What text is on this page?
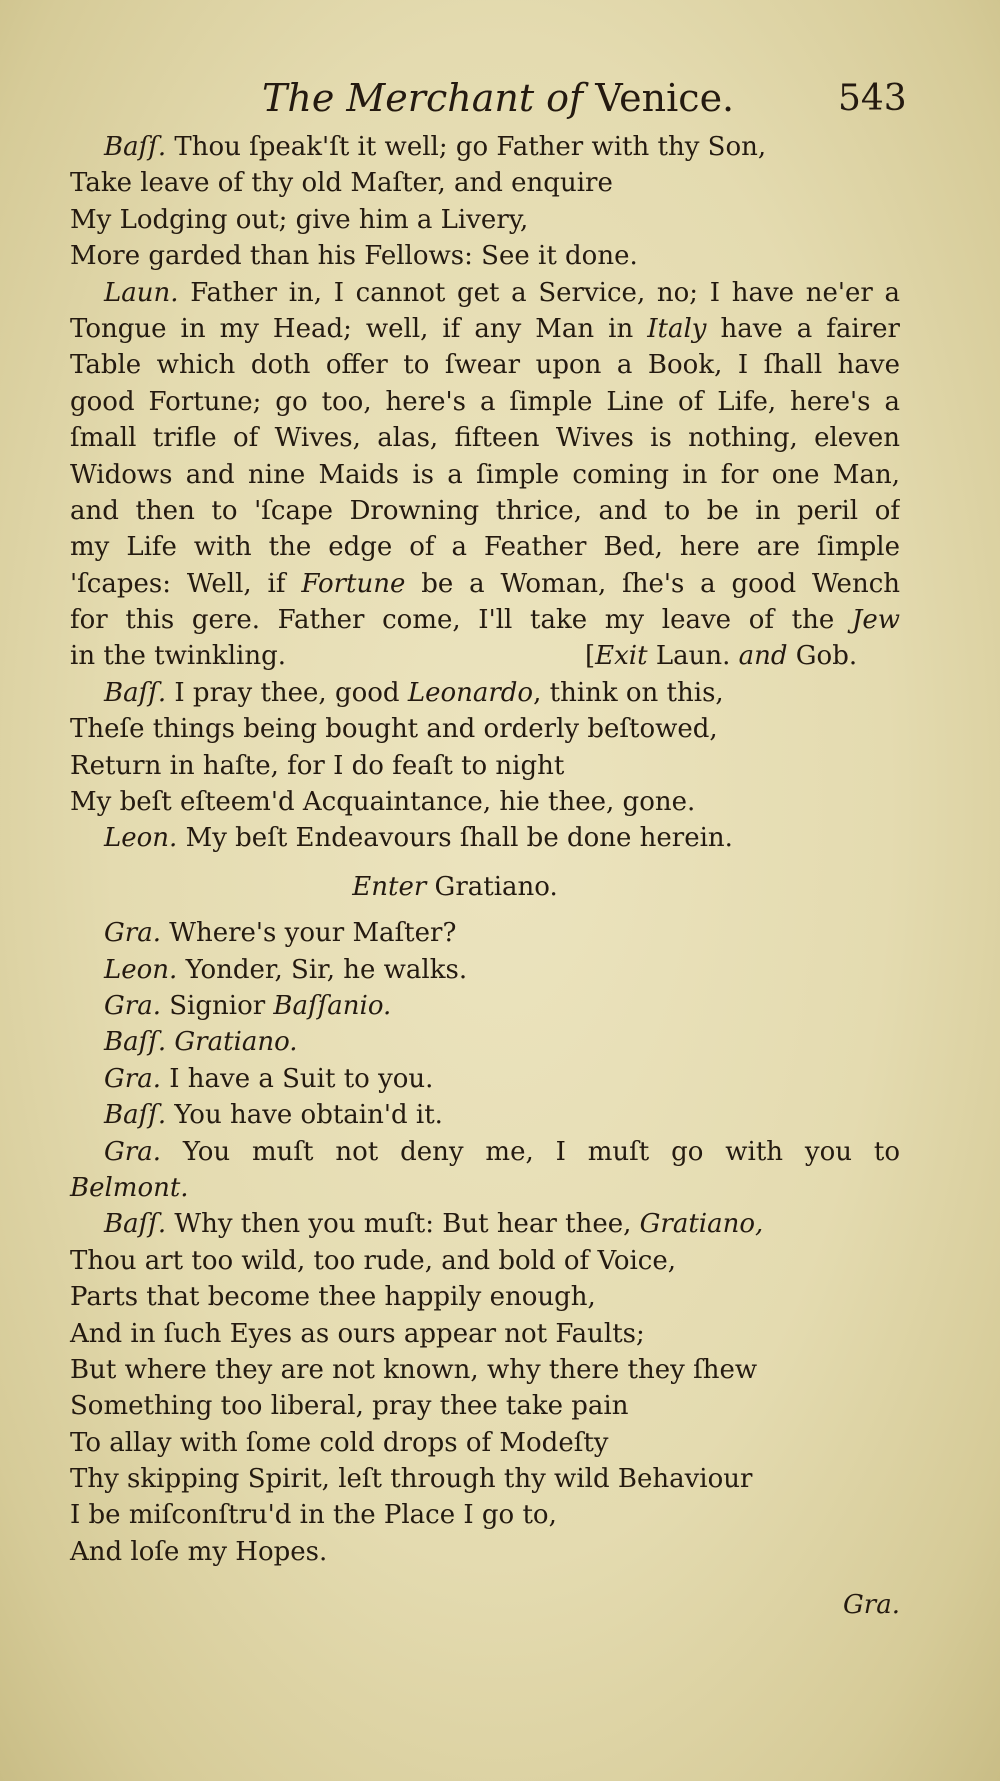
The Merchant of Venice.	543
Baſſ. Thou ſpeak'ſt it well; go Father with thy Son,
Take leave of thy old Maſter, and enquire
My Lodging out; give him a Livery,
More garded than his Fellows: See it done.
Laun. Father in, I cannot get a Service, no; I have ne'er a
Tongue in my Head; well, if any Man in Italy have a fairer
Table which doth offer to ſwear upon a Book, I ſhall have
good Fortune; go too, here's a ſimple Line of Life, here's a
ſmall trifle of Wives, alas, fifteen Wives is nothing, eleven
Widows and nine Maids is a ſimple coming in for one Man,
and then to 'ſcape Drowning thrice, and to be in peril of
my Life with the edge of a Feather Bed, here are ſimple
'ſcapes: Well, if Fortune be a Woman, ſhe's a good Wench
for this gere. Father come, I'll take my leave of the Jew
in the twinkling.	[Exit Laun. and Gob.
Baſſ. I pray thee, good Leonardo, think on this,
Theſe things being bought and orderly beſtowed,
Return in haſte, for I do feaſt to night
My beſt eſteem'd Acquaintance, hie thee, gone.
Leon. My beſt Endeavours ſhall be done herein.
Enter Gratiano.
Gra. Where's your Maſter?
Leon. Yonder, Sir, he walks.
Gra. Signior Baſſanio.
Baſſ. Gratiano.
Gra. I have a Suit to you.
Baſſ. You have obtain'd it.
Gra. You muſt not deny me, I muſt go with you to
Belmont.
Baſſ. Why then you muſt: But hear thee, Gratiano,
Thou art too wild, too rude, and bold of Voice,
Parts that become thee happily enough,
And in ſuch Eyes as ours appear not Faults;
But where they are not known, why there they ſhew
Something too liberal, pray thee take pain
To allay with ſome cold drops of Modeſty
Thy skipping Spirit, leſt through thy wild Behaviour
I be miſconſtru'd in the Place I go to,
And loſe my Hopes.
Gra.
